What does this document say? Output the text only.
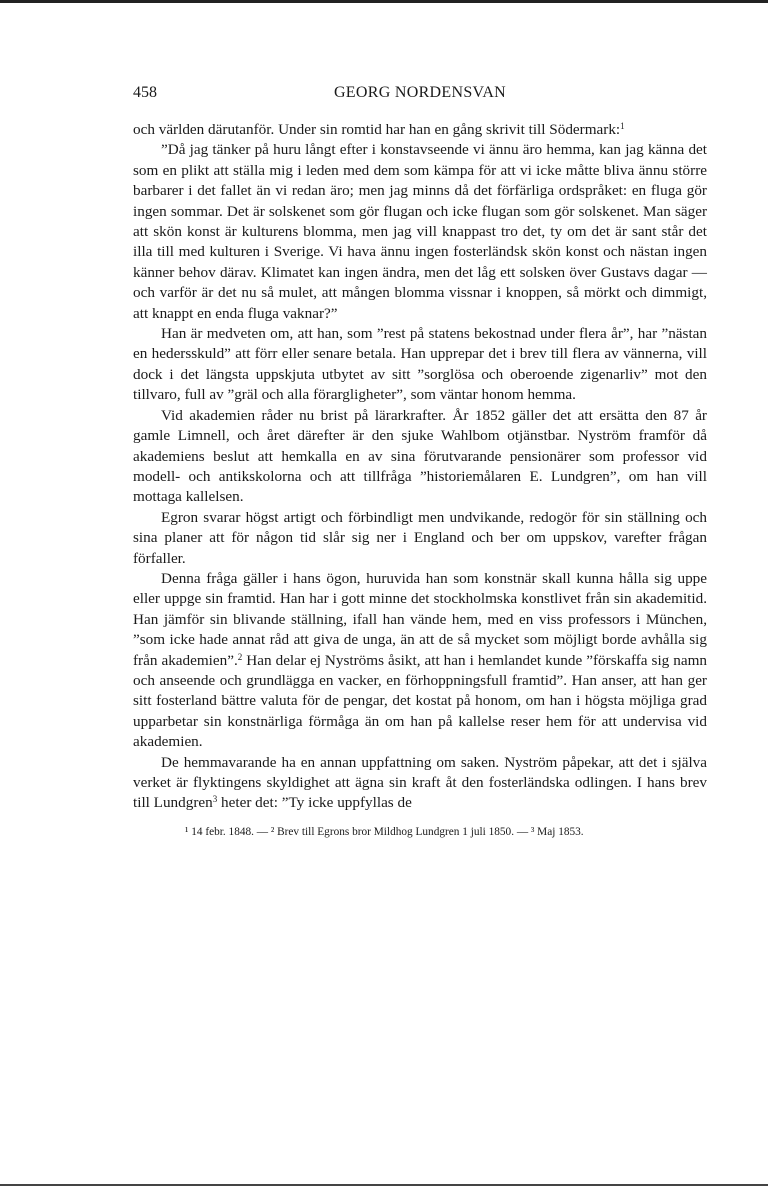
458	GEORG NORDENSVAN

och världen därutanför. Under sin romtid har han en gång skrivit till Södermark:$^1$

”Då jag tänker på huru långt efter i konstavseende vi ännu äro hemma, kan jag känna det som en plikt att ställa mig i leden med dem som kämpa för att vi icke måtte bliva ännu större barbarer i det fallet än vi redan äro; men jag minns då det förfärliga ordspråket: en fluga gör ingen sommar. Det är solskenet som gör flugan och icke flugan som gör solskenet. Man säger att skön konst är kulturens blomma, men jag vill knappast tro det, ty om det är sant står det illa till med kulturen i Sverige. Vi hava ännu ingen fosterländsk skön konst och nästan ingen känner behov därav. Klimatet kan ingen ändra, men det låg ett solsken över Gustavs dagar — och varför är det nu så mulet, att mången blomma vissnar i knoppen, så mörkt och dimmigt, att knappt en enda fluga vaknar?”

Han är medveten om, att han, som ”rest på statens bekostnad under flera år”, har ”nästan en hedersskuld” att förr eller senare betala. Han upprepar det i brev till flera av vännerna, vill dock i det längsta uppskjuta utbytet av sitt ”sorglösa och oberoende zigenarliv” mot den tillvaro, full av ”gräl och alla förargligheter”, som väntar honom hemma.

Vid akademien råder nu brist på lärarkrafter. År 1852 gäller det att ersätta den 87 år gamle Limnell, och året därefter är den sjuke Wahlbom otjänstbar. Nyström framför då akademiens beslut att hemkalla en av sina förutvarande pensionärer som professor vid modell- och antikskolorna och att tillfråga ”historiemålaren E. Lundgren”, om han vill mottaga kallelsen.

Egron svarar högst artigt och förbindligt men undvikande, redogör för sin ställning och sina planer att för någon tid slår sig ner i England och ber om uppskov, varefter frågan förfaller.

Denna fråga gäller i hans ögon, huruvida han som konstnär skall kunna hålla sig uppe eller uppge sin framtid. Han har i gott minne det stockholmska konstlivet från sin akademitid. Han jämför sin blivande ställning, ifall han vände hem, med en viss professors i München, ”som icke hade annat råd att giva de unga, än att de så mycket som möjligt borde avhålla sig från akademien”.$^2$ Han delar ej Nyströms åsikt, att han i hemlandet kunde ”förskaffa sig namn och anseende och grundlägga en vacker, en förhoppningsfull framtid”. Han anser, att han ger sitt fosterland bättre valuta för de pengar, det kostat på honom, om han i högsta möjliga grad upparbetar sin konstnärliga förmåga än om han på kallelse reser hem för att undervisa vid akademien.

De hemmavarande ha en annan uppfattning om saken. Nyström påpekar, att det i själva verket är flyktingens skyldighet att ägna sin kraft åt den fosterländska odlingen. I hans brev till Lundgren$^3$ heter det: ”Ty icke uppfyllas de

¹ 14 febr. 1848. — ² Brev till Egrons bror Mildhog Lundgren 1 juli 1850. — ³ Maj 1853.
